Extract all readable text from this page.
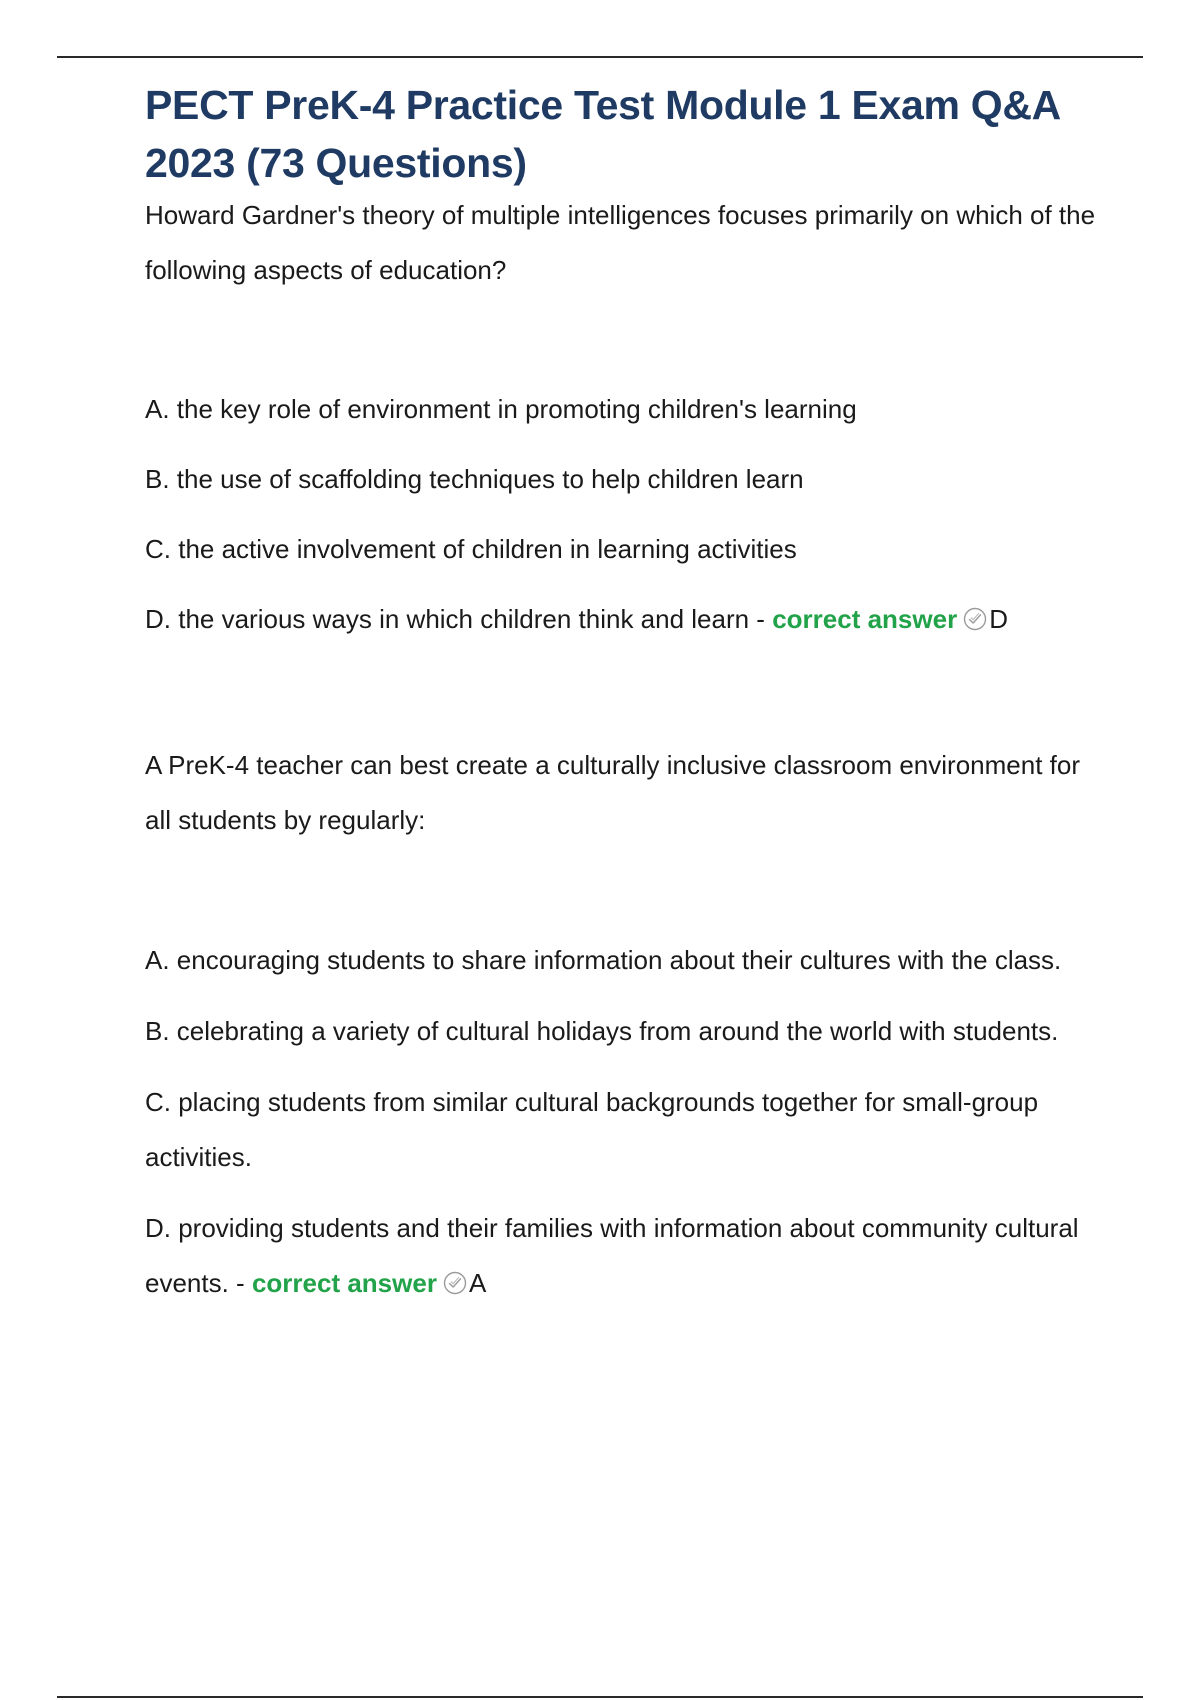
PECT PreK-4 Practice Test Module 1 Exam Q&A 2023 (73 Questions)

Howard Gardner's theory of multiple intelligences focuses primarily on which of the following aspects of education?

A. the key role of environment in promoting children's learning
B. the use of scaffolding techniques to help children learn
C. the active involvement of children in learning activities
D. the various ways in which children think and learn - correct answer D

A PreK-4 teacher can best create a culturally inclusive classroom environment for all students by regularly:

A. encouraging students to share information about their cultures with the class.
B. celebrating a variety of cultural holidays from around the world with students.
C. placing students from similar cultural backgrounds together for small-group activities.
D. providing students and their families with information about community cultural events. - correct answer A
